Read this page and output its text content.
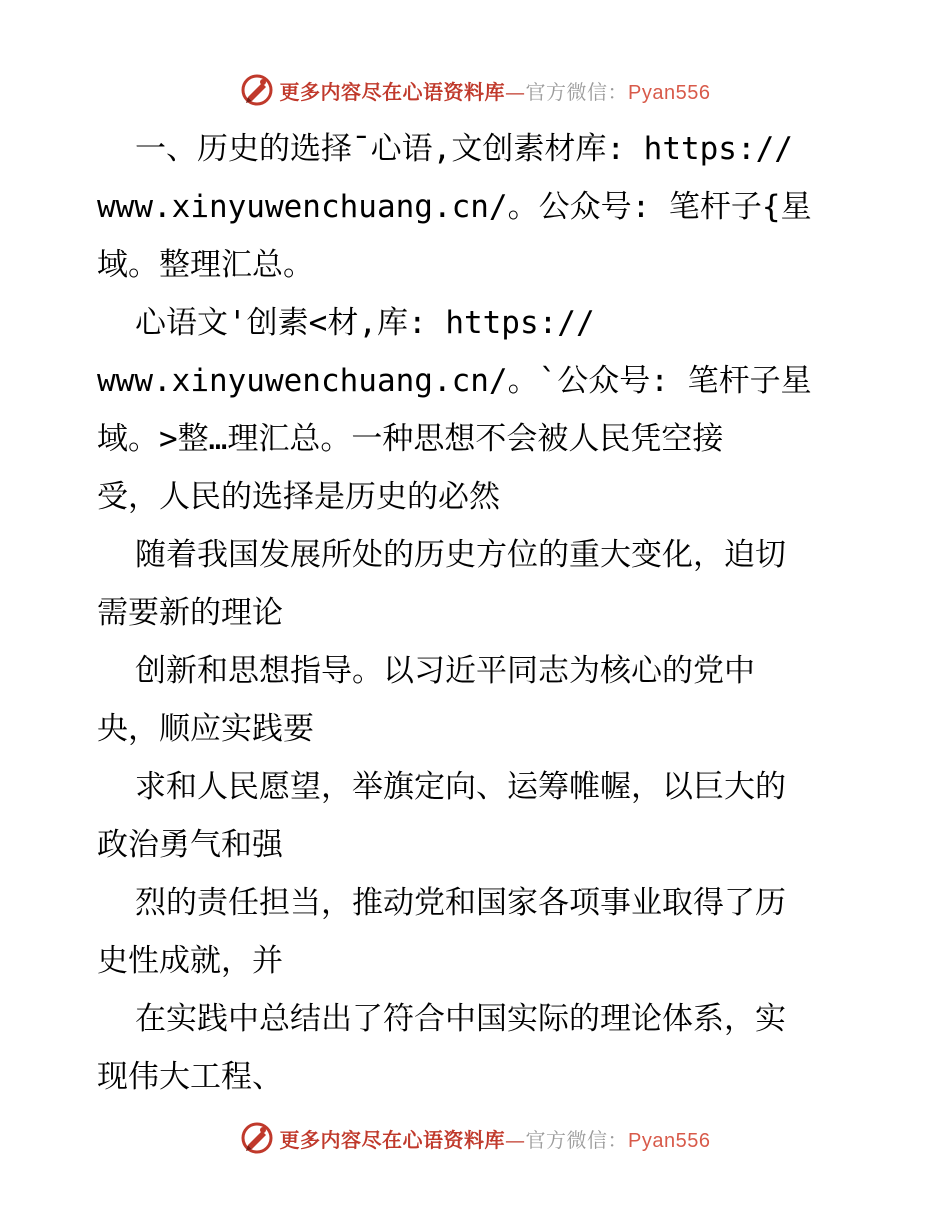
更多内容尽在心语资料库—官方微信：Pyan556
一、历史的选择¯心语,文创素材库: https://
www.xinyuwenchuang.cn/。公众号: 笔杆子{星
域。整理汇总。
心语文'创素<材,库: https://
www.xinyuwenchuang.cn/。`公众号: 笔杆子星
域。>整…理汇总。一种思想不会被人民凭空接
受，人民的选择是历史的必然
随着我国发展所处的历史方位的重大变化，迫切
需要新的理论
创新和思想指导。以习近平同志为核心的党中
央，顺应实践要
求和人民愿望，举旗定向、运筹帷幄，以巨大的
政治勇气和强
烈的责任担当，推动党和国家各项事业取得了历
史性成就，并
在实践中总结出了符合中国实际的理论体系，实
现伟大工程、
更多内容尽在心语资料库—官方微信：Pyan556
